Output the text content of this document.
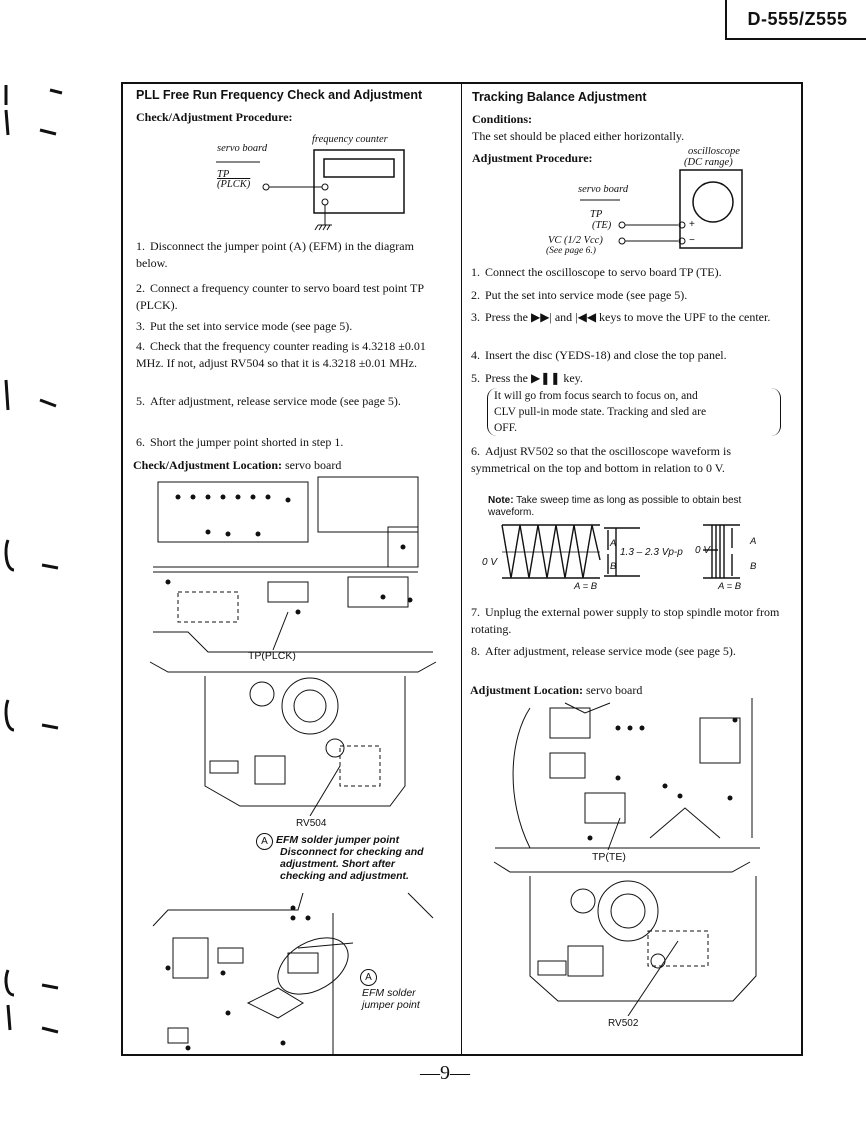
D-555/Z555
PLL Free Run Frequency Check and Adjustment
Check/Adjustment Procedure:
servo board
frequency counter
TP
(PLCK)
1. Disconnect the jumper point (A) (EFM) in the diagram below.
2. Connect a frequency counter to servo board test point TP (PLCK).
3. Put the set into service mode (see page 5).
4. Check that the frequency counter reading is 4.3218 ±0.01 MHz. If not, adjust RV504 so that it is 4.3218 ±0.01 MHz.
5. After adjustment, release service mode (see page 5).
6. Short the jumper point shorted in step 1.
Check/Adjustment Location: servo board
TP(PLCK)
RV504
A EFM solder jumper point
Disconnect for checking and
adjustment. Short after
checking and adjustment.
A
EFM solder
jumper point
Tracking Balance Adjustment
Conditions:
The set should be placed either horizontally.
Adjustment Procedure:	oscilloscope
(DC range)
servo board
TP
(TE)
VC (1/2 Vcc)
(See page 6.)
+
−
1. Connect the oscilloscope to servo board TP (TE).
2. Put the set into service mode (see page 5).
3. Press the ▶▶| and |◀◀ keys to move the UPF to the center.
4. Insert the disc (YEDS-18) and close the top panel.
5. Press the ▶❚❚ key.
It will go from focus search to focus on, and
CLV pull-in mode state. Tracking and sled are
OFF.
6. Adjust RV502 so that the oscilloscope waveform is symmetrical on the top and bottom in relation to 0 V.
Note: Take sweep time as long as possible to obtain best waveform.
0 V
A
B
1.3 – 2.3 Vp-p
A = B
0 V
A
B
A = B
7. Unplug the external power supply to stop spindle motor from rotating.
8. After adjustment, release service mode (see page 5).
Adjustment Location: servo board
TP(TE)
RV502
—9—
